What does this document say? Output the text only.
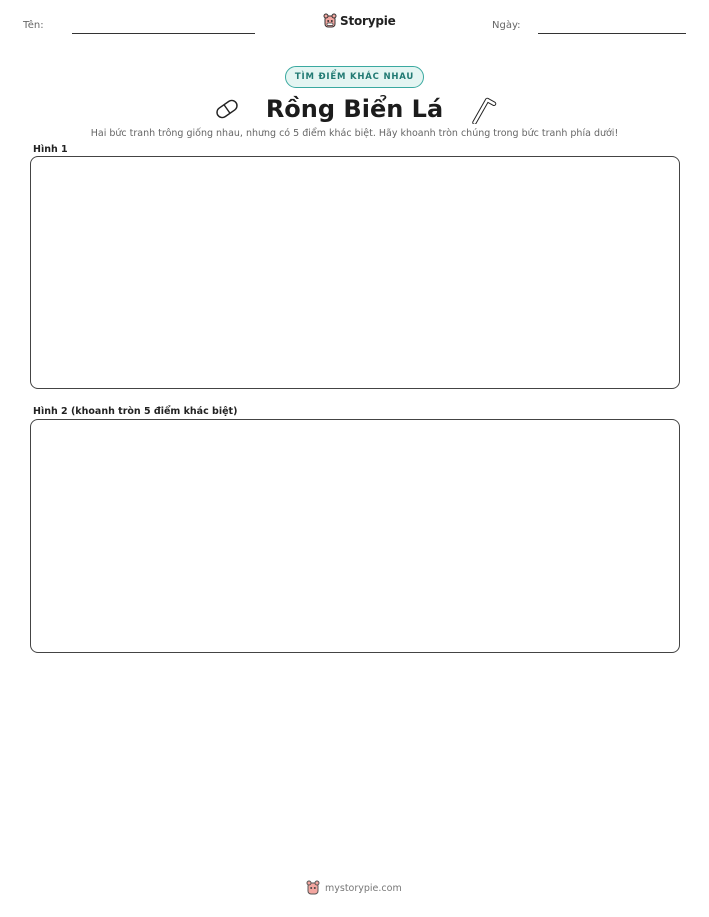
Tên:	Storypie	Ngày:
TÌM ĐIỂM KHÁC NHAU
Rồng Biển Lá
Hai bức tranh trông giống nhau, nhưng có 5 điểm khác biệt. Hãy khoanh tròn chúng trong bức tranh phía dưới!
Hình 1
Hình 2 (khoanh tròn 5 điểm khác biệt)
mystorypie.com
